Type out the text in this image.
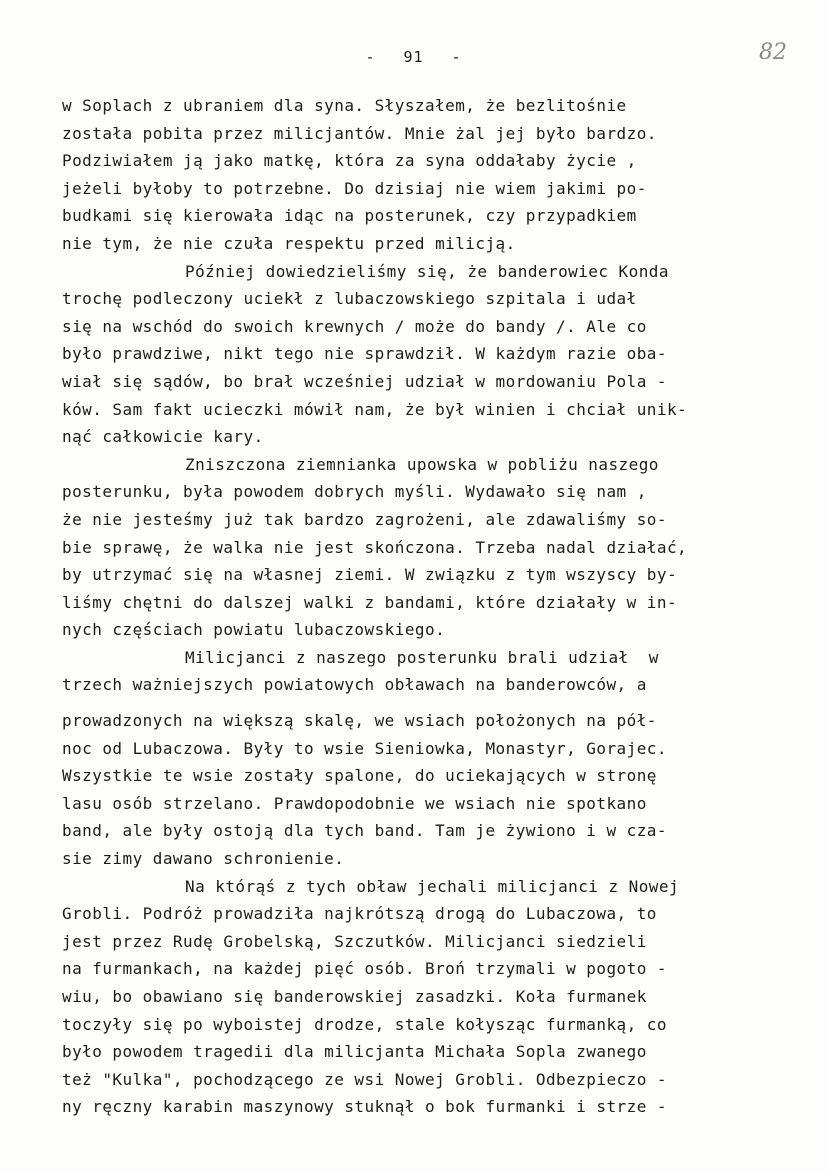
- 91 -	82
w Soplach z ubraniem dla syna. Słyszałem, że bezlitośnie
została pobita przez milicjantów. Mnie żal jej było bardzo.
Podziwiałem ją jako matkę, która za syna oddałaby życie ,
jeżeli byłoby to potrzebne. Do dzisiaj nie wiem jakimi po-
budkami się kierowała idąc na posterunek, czy przypadkiem
nie tym, że nie czuła respektu przed milicją.
Później dowiedzieliśmy się, że banderowiec Konda
trochę podleczony uciekł z lubaczowskiego szpitala i udał
się na wschód do swoich krewnych / może do bandy /. Ale co
było prawdziwe, nikt tego nie sprawdził. W każdym razie oba-
wiał się sądów, bo brał wcześniej udział w mordowaniu Pola -
ków. Sam fakt ucieczki mówił nam, że był winien i chciał unik-
nąć całkowicie kary.
Zniszczona ziemnianka upowska w pobliżu naszego
posterunku, była powodem dobrych myśli. Wydawało się nam ,
że nie jesteśmy już tak bardzo zagrożeni, ale zdawaliśmy so-
bie sprawę, że walka nie jest skończona. Trzeba nadal działać,
by utrzymać się na własnej ziemi. W związku z tym wszyscy by-
liśmy chętni do dalszej walki z bandami, które działały w in-
nych częściach powiatu lubaczowskiego.
Milicjanci z naszego posterunku brali udział  w
trzech ważniejszych powiatowych obławach na banderowców, a
prowadzonych na większą skalę, we wsiach położonych na pół-
noc od Lubaczowa. Były to wsie Sieniowka, Monastyr, Gorajec.
Wszystkie te wsie zostały spalone, do uciekających w stronę
lasu osób strzelano. Prawdopodobnie we wsiach nie spotkano
band, ale były ostoją dla tych band. Tam je żywiono i w cza-
sie zimy dawano schronienie.
Na którąś z tych obław jechali milicjanci z Nowej
Grobli. Podróż prowadziła najkrótszą drogą do Lubaczowa, to
jest przez Rudę Grobelską, Szczutków. Milicjanci siedzieli
na furmankach, na każdej pięć osób. Broń trzymali w pogoto -
wiu, bo obawiano się banderowskiej zasadzki. Koła furmanek
toczyły się po wyboistej drodze, stale kołysząc furmanką, co
było powodem tragedii dla milicjanta Michała Sopla zwanego
też "Kulka", pochodzącego ze wsi Nowej Grobli. Odbezpieczo -
ny ręczny karabin maszynowy stuknął o bok furmanki i strze -
